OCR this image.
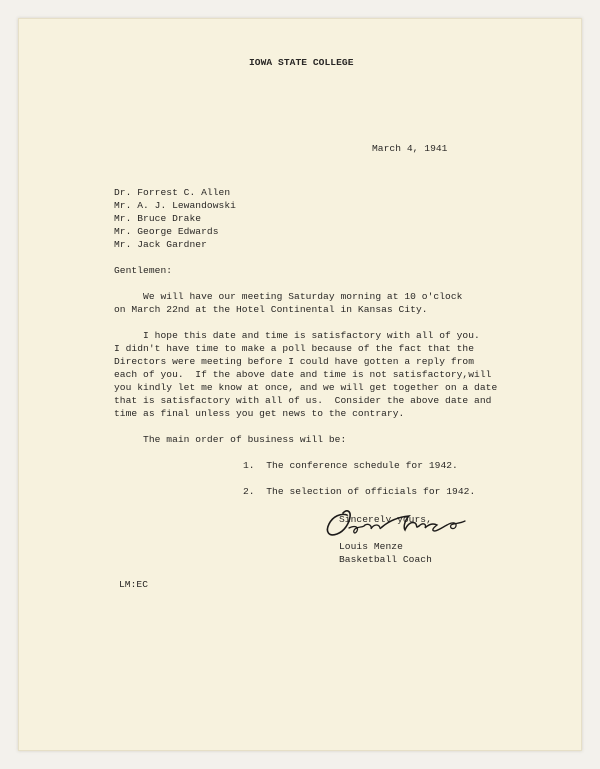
IOWA STATE COLLEGE
March 4, 1941
Dr. Forrest C. Allen
Mr. A. J. Lewandowski
Mr. Bruce Drake
Mr. George Edwards
Mr. Jack Gardner
Gentlemen:
We will have our meeting Saturday morning at 10 o'clock
on March 22nd at the Hotel Continental in Kansas City.
I hope this date and time is satisfactory with all of you.
I didn't have time to make a poll because of the fact that the
Directors were meeting before I could have gotten a reply from
each of you.  If the above date and time is not satisfactory,will
you kindly let me know at once, and we will get together on a date
that is satisfactory with all of us.  Consider the above date and
time as final unless you get news to the contrary.
The main order of business will be:
1.  The conference schedule for 1942.
2.  The selection of officials for 1942.
Sincerely yours,
Louis Menze
Basketball Coach
LM:EC
